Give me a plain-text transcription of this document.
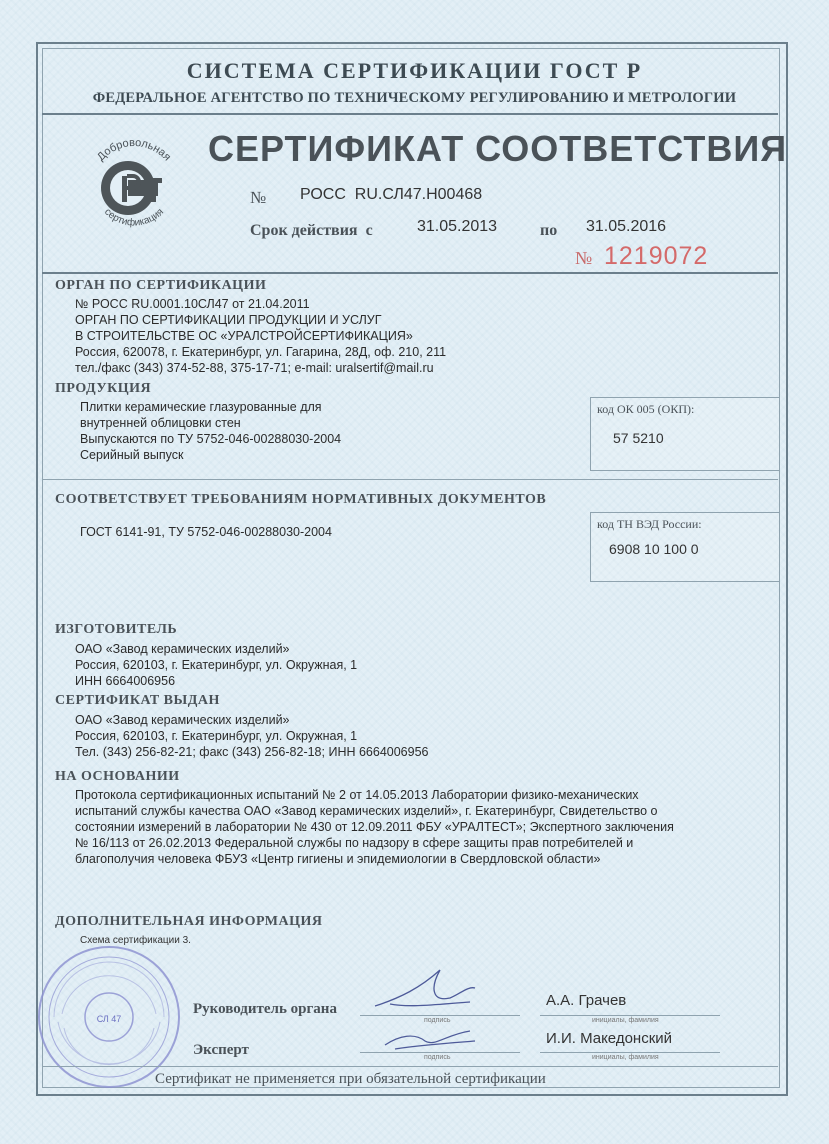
СИСТЕМА СЕРТИФИКАЦИИ ГОСТ Р
ФЕДЕРАЛЬНОЕ АГЕНТСТВО ПО ТЕХНИЧЕСКОМУ РЕГУЛИРОВАНИЮ И МЕТРОЛОГИИ
Добровольная
сертификация
СЕРТИФИКАТ СООТВЕТСТВИЯ
№ РОСС  RU.СЛ47.Н00468
Срок действия  с	31.05.2013	по 31.05.2016
№ 1219072
ОРГАН ПО СЕРТИФИКАЦИИ
№ РОСС RU.0001.10СЛ47 от 21.04.2011
ОРГАН ПО СЕРТИФИКАЦИИ ПРОДУКЦИИ И УСЛУГ
В СТРОИТЕЛЬСТВЕ ОС «УРАЛСТРОЙСЕРТИФИКАЦИЯ»
Россия, 620078, г. Екатеринбург, ул. Гагарина, 28Д, оф. 210, 211
тел./факс (343) 374-52-88, 375-17-71; e-mail: uralsertif@mail.ru
ПРОДУКЦИЯ
Плитки керамические глазурованные для
внутренней облицовки стен
Выпускаются по ТУ 5752-046-00288030-2004
Серийный выпуск
код ОК 005 (ОКП):
57 5210
СООТВЕТСТВУЕТ ТРЕБОВАНИЯМ НОРМАТИВНЫХ ДОКУМЕНТОВ
ГОСТ 6141-91, ТУ 5752-046-00288030-2004
код ТН ВЭД России:
6908 10 100 0
ИЗГОТОВИТЕЛЬ
ОАО «Завод керамических изделий»
Россия, 620103, г. Екатеринбург, ул. Окружная, 1
ИНН 6664006956
СЕРТИФИКАТ ВЫДАН
ОАО «Завод керамических изделий»
Россия, 620103, г. Екатеринбург, ул. Окружная, 1
Тел. (343) 256-82-21; факс (343) 256-82-18; ИНН 6664006956
НА ОСНОВАНИИ
Протокола сертификационных испытаний № 2 от 14.05.2013 Лаборатории физико-механических
испытаний службы качества ОАО «Завод керамических изделий», г. Екатеринбург, Свидетельство о
состоянии измерений в лаборатории № 430 от 12.09.2011 ФБУ «УРАЛТЕСТ»; Экспертного заключения
№ 16/113 от 26.02.2013 Федеральной службы по надзору в сфере защиты прав потребителей и
благополучия человека ФБУЗ «Центр гигиены и эпидемиологии в Свердловской области»
ДОПОЛНИТЕЛЬНАЯ ИНФОРМАЦИЯ
Схема сертификации 3.
СЛ 47
Руководитель органа
подпись
А.А. Грачев
инициалы, фамилия
Эксперт	подпись
И.И. Македонский
инициалы, фамилия
Сертификат не применяется при обязательной сертификации
